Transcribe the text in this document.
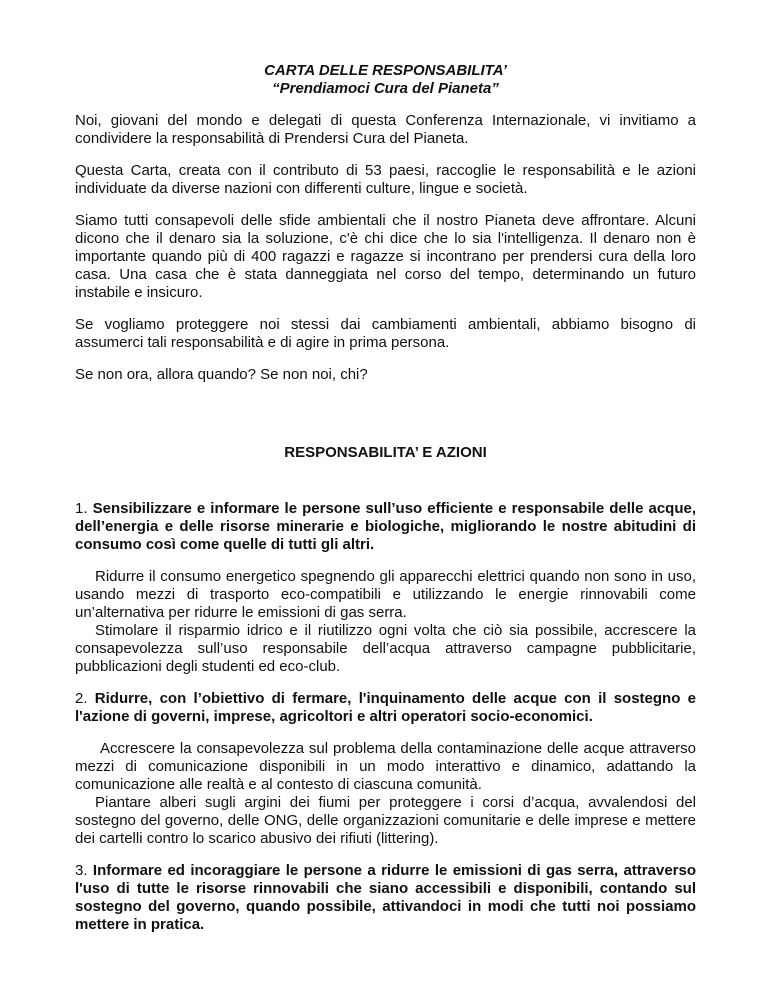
CARTA DELLE RESPONSABILITA’

“Prendiamoci Cura del Pianeta”

Noi, giovani del mondo e delegati di questa Conferenza Internazionale, vi invitiamo a condividere la responsabilità di Prendersi Cura del Pianeta.

Questa Carta, creata con il contributo di 53 paesi, raccoglie le responsabilità e le azioni individuate da diverse nazioni con differenti culture, lingue e società.

Siamo tutti consapevoli delle sfide ambientali che il nostro Pianeta deve affrontare. Alcuni dicono che il denaro sia la soluzione, c'è chi dice che lo sia l'intelligenza. Il denaro non è importante quando più di 400 ragazzi e ragazze si incontrano per prendersi cura della loro casa. Una casa che è stata danneggiata nel corso del tempo, determinando un futuro instabile e insicuro.

Se vogliamo proteggere noi stessi dai cambiamenti ambientali, abbiamo bisogno di assumerci tali responsabilità e di agire in prima persona.

Se non ora, allora quando? Se non noi, chi?

RESPONSABILITA’ E AZIONI

1. Sensibilizzare e informare le persone sull’uso efficiente e responsabile delle acque, dell’energia e delle risorse minerarie e biologiche, migliorando le nostre abitudini di consumo così come quelle di tutti gli altri.

Ridurre il consumo energetico spegnendo gli apparecchi elettrici quando non sono in uso, usando mezzi di trasporto eco-compatibili e utilizzando le energie rinnovabili come un’alternativa per ridurre le emissioni di gas serra.

Stimolare il risparmio idrico e il riutilizzo ogni volta che ciò sia possibile, accrescere la consapevolezza sull’uso responsabile dell’acqua attraverso campagne pubblicitarie, pubblicazioni degli studenti ed eco-club.

2. Ridurre, con l’obiettivo di fermare, l'inquinamento delle acque con il sostegno e l'azione di governi, imprese, agricoltori e altri operatori socio-economici.

Accrescere la consapevolezza sul problema della contaminazione delle acque attraverso mezzi di comunicazione disponibili in un modo interattivo e dinamico, adattando la comunicazione alle realtà e al contesto di ciascuna comunità.

Piantare alberi sugli argini dei fiumi per proteggere i corsi d’acqua, avvalendosi del sostegno del governo, delle ONG, delle organizzazioni comunitarie e delle imprese e mettere dei cartelli contro lo scarico abusivo dei rifiuti (littering).

3. Informare ed incoraggiare le persone a ridurre le emissioni di gas serra, attraverso l'uso di tutte le risorse rinnovabili che siano accessibili e disponibili, contando sul sostegno del governo, quando possibile, attivandoci in modi che tutti noi possiamo mettere in pratica.
